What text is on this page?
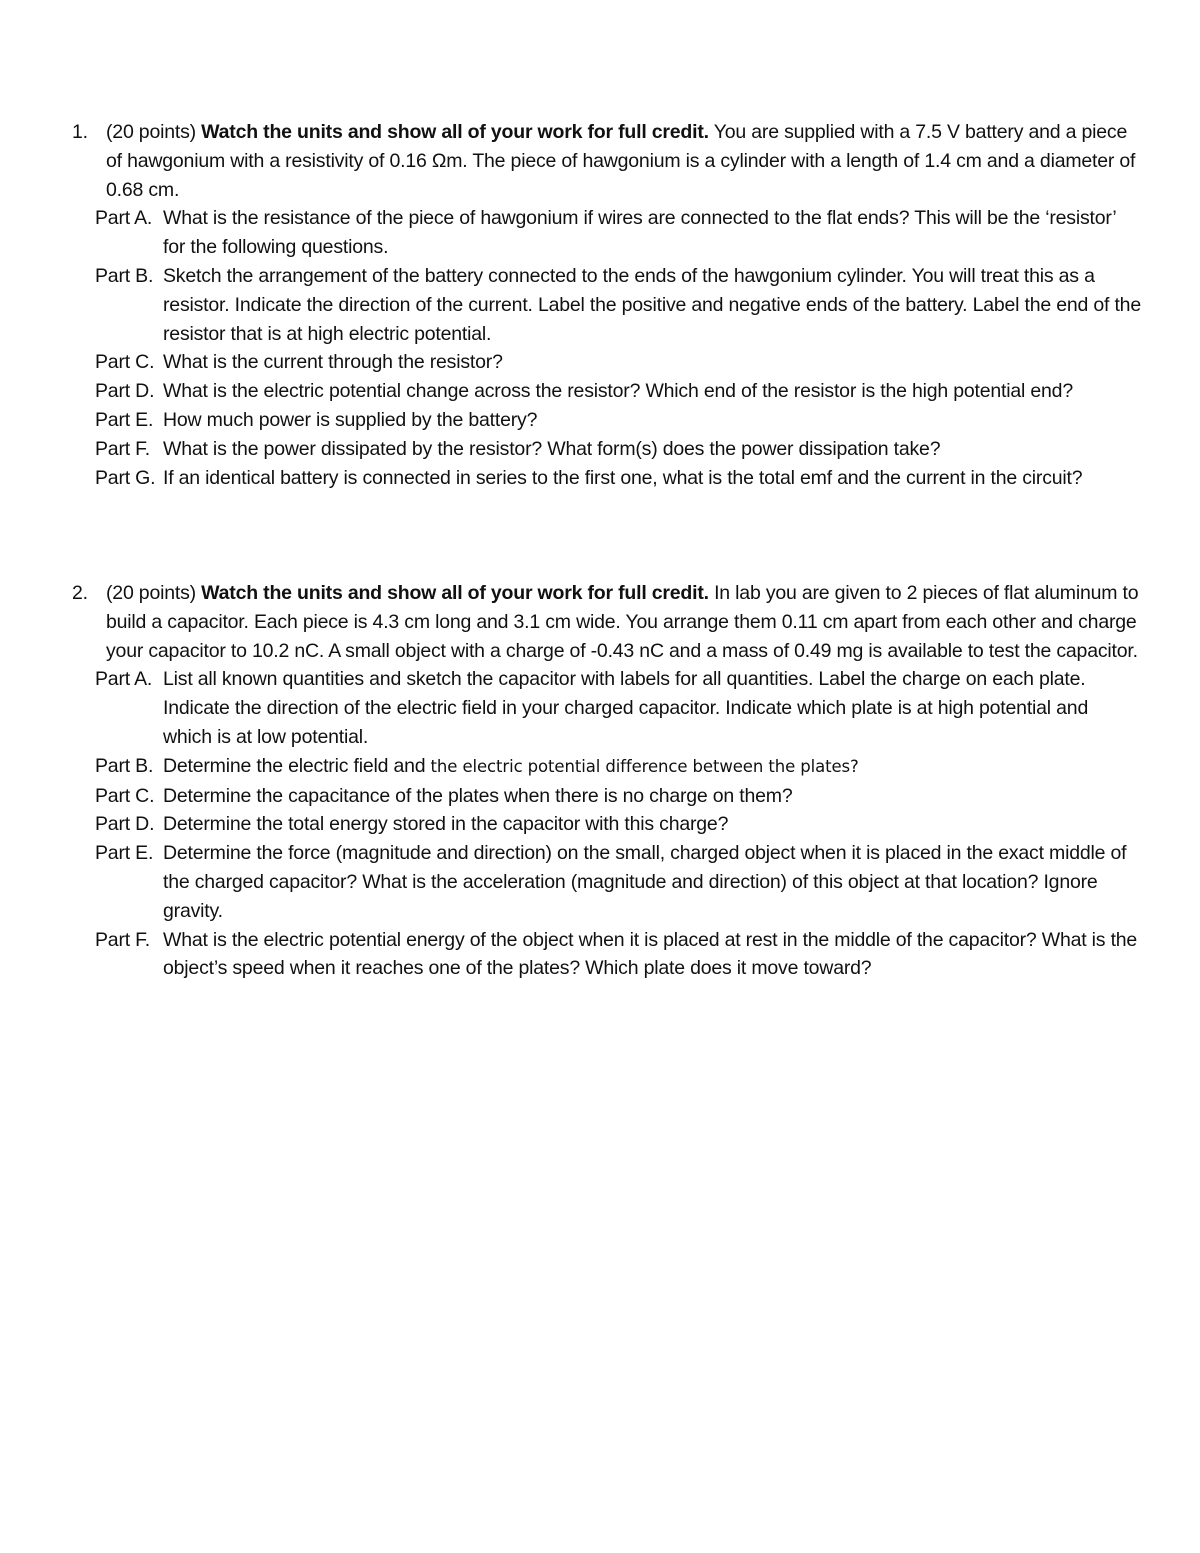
1. (20 points) Watch the units and show all of your work for full credit. You are supplied with a 7.5 V battery and a piece of hawgonium with a resistivity of 0.16 Ωm. The piece of hawgonium is a cylinder with a length of 1.4 cm and a diameter of 0.68 cm.
Part A. What is the resistance of the piece of hawgonium if wires are connected to the flat ends? This will be the ‘resistor’ for the following questions.
Part B. Sketch the arrangement of the battery connected to the ends of the hawgonium cylinder. You will treat this as a resistor. Indicate the direction of the current. Label the positive and negative ends of the battery. Label the end of the resistor that is at high electric potential.
Part C. What is the current through the resistor?
Part D. What is the electric potential change across the resistor? Which end of the resistor is the high potential end?
Part E. How much power is supplied by the battery?
Part F. What is the power dissipated by the resistor? What form(s) does the power dissipation take?
Part G. If an identical battery is connected in series to the first one, what is the total emf and the current in the circuit?
2. (20 points) Watch the units and show all of your work for full credit. In lab you are given to 2 pieces of flat aluminum to build a capacitor. Each piece is 4.3 cm long and 3.1 cm wide. You arrange them 0.11 cm apart from each other and charge your capacitor to 10.2 nC. A small object with a charge of -0.43 nC and a mass of 0.49 mg is available to test the capacitor.
Part A. List all known quantities and sketch the capacitor with labels for all quantities. Label the charge on each plate. Indicate the direction of the electric field in your charged capacitor. Indicate which plate is at high potential and which is at low potential.
Part B. Determine the electric field and the electric potential difference between the plates?
Part C. Determine the capacitance of the plates when there is no charge on them?
Part D. Determine the total energy stored in the capacitor with this charge?
Part E. Determine the force (magnitude and direction) on the small, charged object when it is placed in the exact middle of the charged capacitor? What is the acceleration (magnitude and direction) of this object at that location? Ignore gravity.
Part F. What is the electric potential energy of the object when it is placed at rest in the middle of the capacitor? What is the object’s speed when it reaches one of the plates? Which plate does it move toward?
